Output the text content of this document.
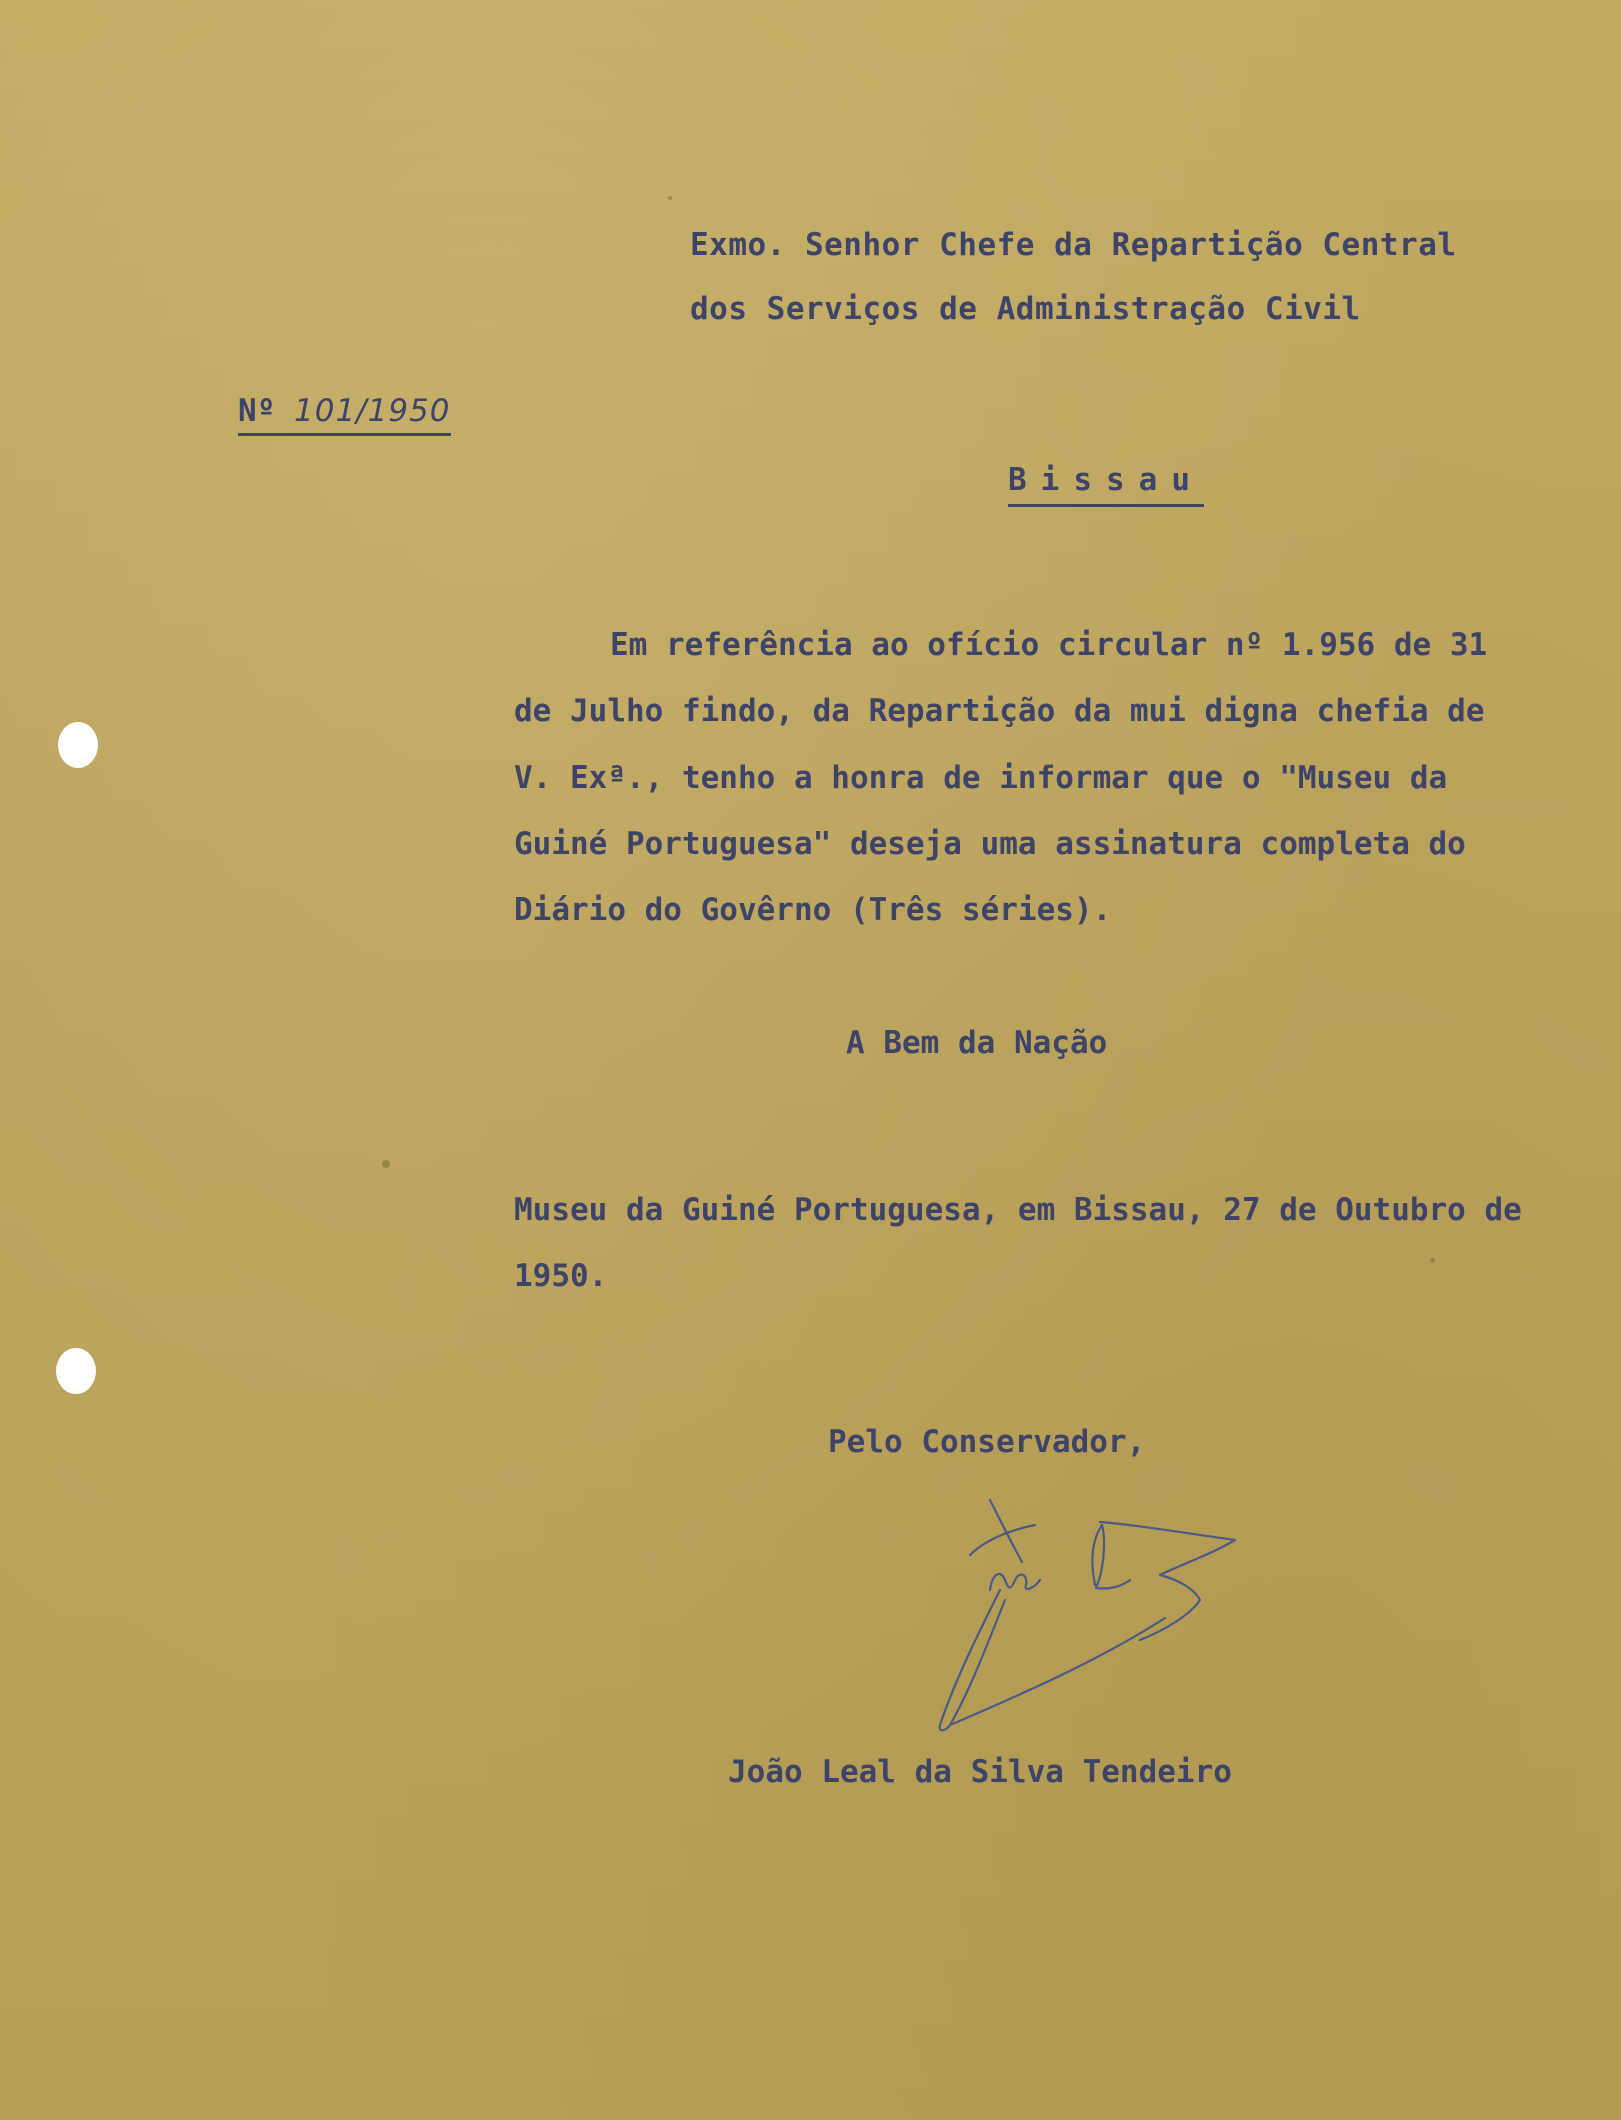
Exmo. Senhor Chefe da Repartição Central
dos Serviços de Administração Civil
Nº 101/1950
Bissau
Em referência ao ofício circular nº 1.956 de 31
de Julho findo, da Repartição da mui digna chefia de
V. Exª., tenho a honra de informar que o "Museu da
Guiné Portuguesa" deseja uma assinatura completa do
Diário do Govêrno (Três séries).
A Bem da Nação
Museu da Guiné Portuguesa, em Bissau, 27 de Outubro de
1950.
Pelo Conservador,
João Leal da Silva Tendeiro
